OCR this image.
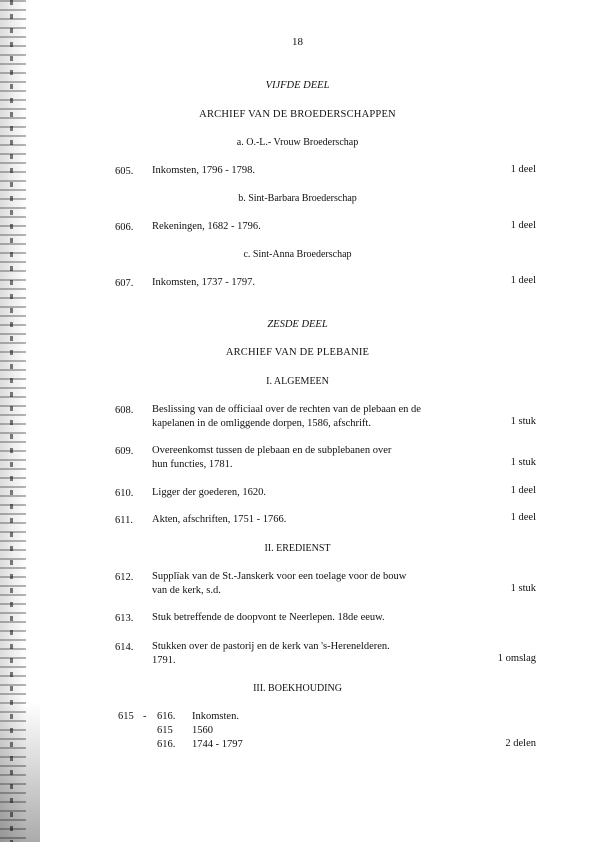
18
VIJFDE DEEL
ARCHIEF VAN DE BROEDERSCHAPPEN
a. O.-L.- Vrouw Broederschap
605. Inkomsten, 1796 - 1798.	1 deel
b. Sint-Barbara Broederschap
606. Rekeningen, 1682 - 1796.	1 deel
c. Sint-Anna Broederschap
607. Inkomsten, 1737 - 1797.	1 deel
ZESDE DEEL
ARCHIEF VAN DE PLEBANIE
I. ALGEMEEN
608. Beslissing van de officiaal over de rechten van de plebaan en de
kapelanen in de omliggende dorpen, 1586, afschrift.	1 stuk
609. Overeenkomst tussen de plebaan en de subplebanen over
hun functies, 1781.	1 stuk
610. Ligger der goederen, 1620.	1 deel
611. Akten, afschriften, 1751 - 1766.	1 deel
II. EREDIENST
612. Supplïak van de St.-Janskerk voor een toelage voor de bouw
van de kerk, s.d.	1 stuk
613. Stuk betreffende de doopvont te Neerlepen. 18de eeuw.
614. Stukken over de pastorij en de kerk van 's-Herenelderen.
1791.	1 omslag
III. BOEKHOUDING
615 - 616. Inkomsten.
615 1560
616. 1744 - 1797	2 delen
